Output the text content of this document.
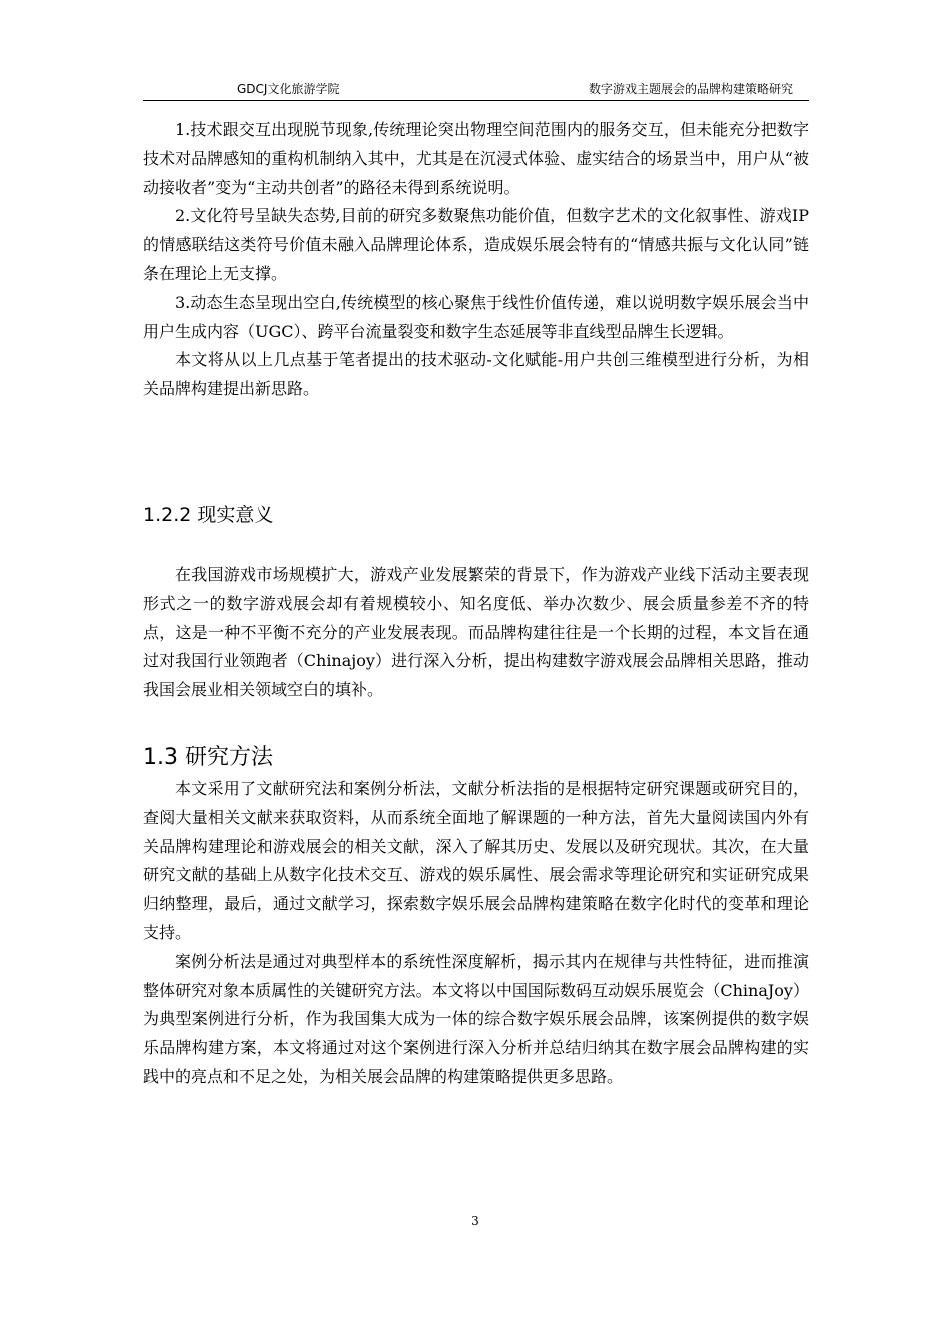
GDCJ文化旅游学院	数字游戏主题展会的品牌构建策略研究

1.技术跟交互出现脱节现象,传统理论突出物理空间范围内的服务交互，但未能充分把数字技术对品牌感知的重构机制纳入其中，尤其是在沉浸式体验、虚实结合的场景当中，用户从“被动接收者”变为“主动共创者”的路径未得到系统说明。

2.文化符号呈缺失态势,目前的研究多数聚焦功能价值，但数字艺术的文化叙事性、游戏IP的情感联结这类符号价值未融入品牌理论体系，造成娱乐展会特有的“情感共振与文化认同”链条在理论上无支撑。

3.动态生态呈现出空白,传统模型的核心聚焦于线性价值传递，难以说明数字娱乐展会当中用户生成内容（UGC）、跨平台流量裂变和数字生态延展等非直线型品牌生长逻辑。

本文将从以上几点基于笔者提出的技术驱动-文化赋能-用户共创三维模型进行分析，为相关品牌构建提出新思路。

1.2.2 现实意义

在我国游戏市场规模扩大，游戏产业发展繁荣的背景下，作为游戏产业线下活动主要表现形式之一的数字游戏展会却有着规模较小、知名度低、举办次数少、展会质量参差不齐的特点，这是一种不平衡不充分的产业发展表现。而品牌构建往往是一个长期的过程，本文旨在通过对我国行业领跑者（Chinajoy）进行深入分析，提出构建数字游戏展会品牌相关思路，推动我国会展业相关领域空白的填补。

1.3 研究方法

本文采用了文献研究法和案例分析法，文献分析法指的是根据特定研究课题或研究目的，查阅大量相关文献来获取资料，从而系统全面地了解课题的一种方法，首先大量阅读国内外有关品牌构建理论和游戏展会的相关文献，深入了解其历史、发展以及研究现状。其次，在大量研究文献的基础上从数字化技术交互、游戏的娱乐属性、展会需求等理论研究和实证研究成果归纳整理，最后，通过文献学习，探索数字娱乐展会品牌构建策略在数字化时代的变革和理论支持。

案例分析法是通过对典型样本的系统性深度解析，揭示其内在规律与共性特征，进而推演整体研究对象本质属性的关键研究方法。本文将以中国国际数码互动娱乐展览会（ChinaJoy）为典型案例进行分析，作为我国集大成为一体的综合数字娱乐展会品牌，该案例提供的数字娱乐品牌构建方案，本文将通过对这个案例进行深入分析并总结归纳其在数字展会品牌构建的实践中的亮点和不足之处，为相关展会品牌的构建策略提供更多思路。

3
